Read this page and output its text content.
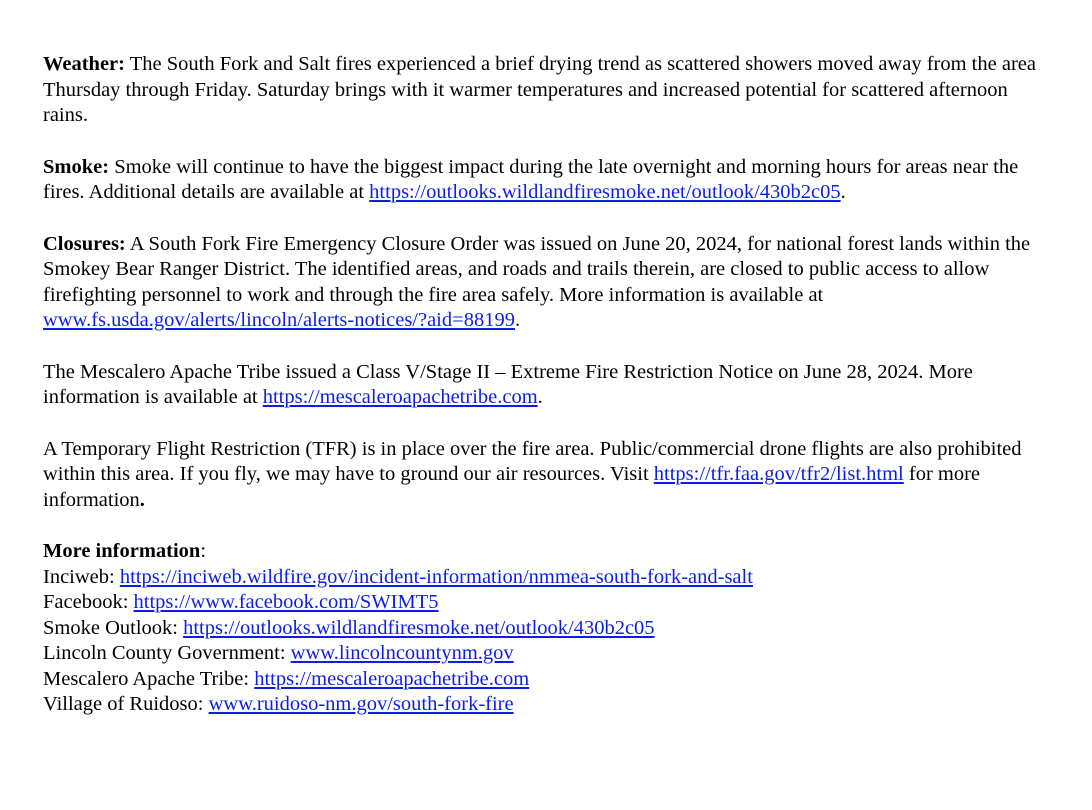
Weather: The South Fork and Salt fires experienced a brief drying trend as scattered showers moved away from the area Thursday through Friday. Saturday brings with it warmer temperatures and increased potential for scattered afternoon rains.

Smoke: Smoke will continue to have the biggest impact during the late overnight and morning hours for areas near the fires. Additional details are available at https://outlooks.wildlandfiresmoke.net/outlook/430b2c05.

Closures: A South Fork Fire Emergency Closure Order was issued on June 20, 2024, for national forest lands within the Smokey Bear Ranger District. The identified areas, and roads and trails therein, are closed to public access to allow firefighting personnel to work and through the fire area safely. More information is available at www.fs.usda.gov/alerts/lincoln/alerts-notices/?aid=88199.

The Mescalero Apache Tribe issued a Class V/Stage II – Extreme Fire Restriction Notice on June 28, 2024. More information is available at https://mescaleroapachetribe.com.

A Temporary Flight Restriction (TFR) is in place over the fire area. Public/commercial drone flights are also prohibited within this area. If you fly, we may have to ground our air resources. Visit https://tfr.faa.gov/tfr2/list.html for more information.

More information:

Inciweb: https://inciweb.wildfire.gov/incident-information/nmmea-south-fork-and-salt

Facebook: https://www.facebook.com/SWIMT5

Smoke Outlook: https://outlooks.wildlandfiresmoke.net/outlook/430b2c05

Lincoln County Government: www.lincolncountynm.gov

Mescalero Apache Tribe: https://mescaleroapachetribe.com

Village of Ruidoso: www.ruidoso-nm.gov/south-fork-fire
